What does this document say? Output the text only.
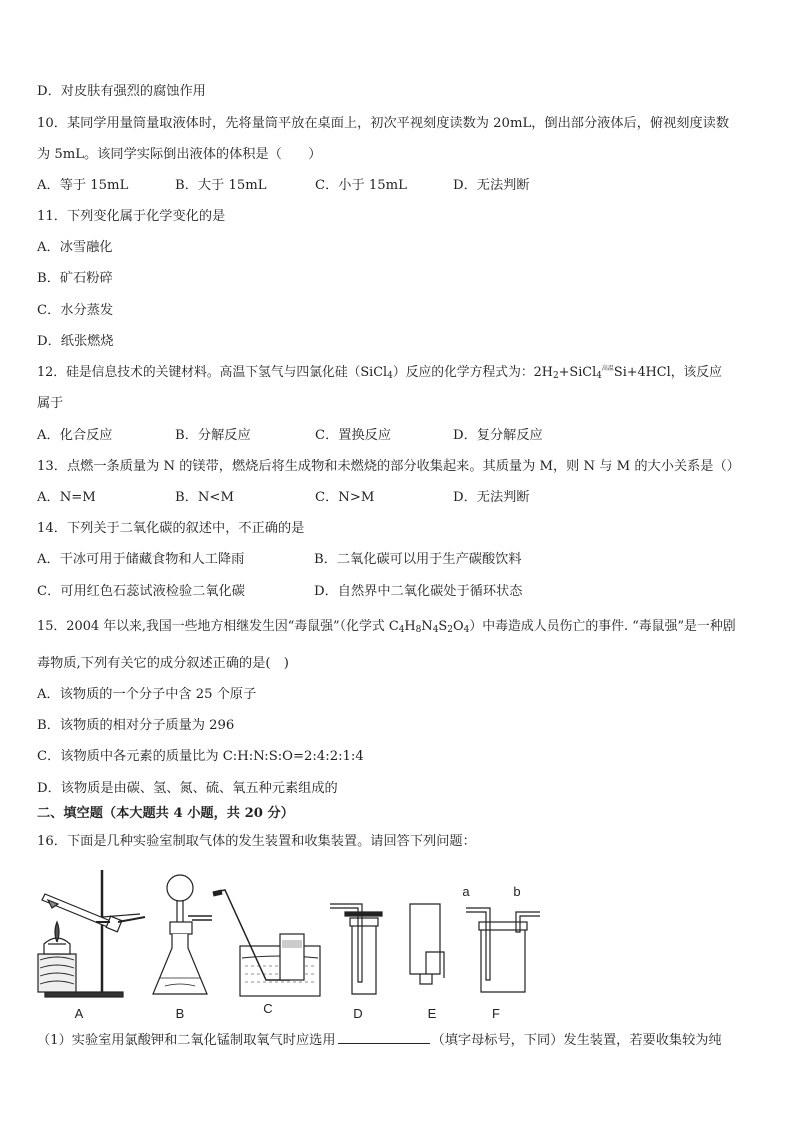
D．对皮肤有强烈的腐蚀作用
10．某同学用量筒量取液体时，先将量筒平放在桌面上，初次平视刻度读数为 20mL，倒出部分液体后，俯视刻度读数
为 5mL。该同学实际倒出液体的体积是（　　）
A．等于 15mL	B．大于 15mL	C．小于 15mL	D．无法判断
11．下列变化属于化学变化的是
A．冰雪融化
B．矿石粉碎
C．水分蒸发
D．纸张燃烧
12．硅是信息技术的关键材料。高温下氢气与四氯化硅（SiCl$_4$）反应的化学方程式为：$2H_2+SiCl_4^{高温}Si+4HCl$，该反应
属于
A．化合反应	B．分解反应	C．置换反应	D．复分解反应
13．点燃一条质量为 N 的镁带，燃烧后将生成物和未燃烧的部分收集起来。其质量为 M，则 N 与 M 的大小关系是（）
A．N=M	B．N<M	C．N>M	D．无法判断
14．下列关于二氧化碳的叙述中，不正确的是
A．干冰可用于储藏食物和人工降雨	B．二氧化碳可以用于生产碳酸饮料
C．可用红色石蕊试液检验二氧化碳	D．自然界中二氧化碳处于循环状态
15．2004 年以来,我国一些地方相继发生因“毒鼠强”（化学式 $C_4H_8N_4S_2O_4$）中毒造成人员伤亡的事件. “毒鼠强”是一种剧
毒物质,下列有关它的成分叙述正确的是(　)
A．该物质的一个分子中含 25 个原子
B．该物质的相对分子质量为 296
C．该物质中各元素的质量比为 C:H:N:S:O=2:4:2:1:4
D．该物质是由碳、氢、氮、硫、氧五种元素组成的
二、填空题（本大题共 4 小题，共 20 分）
16．下面是几种实验室制取气体的发生装置和收集装置。请回答下列问题：
A	B	C	D	E
a	b
F
（1）实验室用氯酸钾和二氧化锰制取氧气时应选用	（填字母标号，下同）发生装置，若要收集较为纯
